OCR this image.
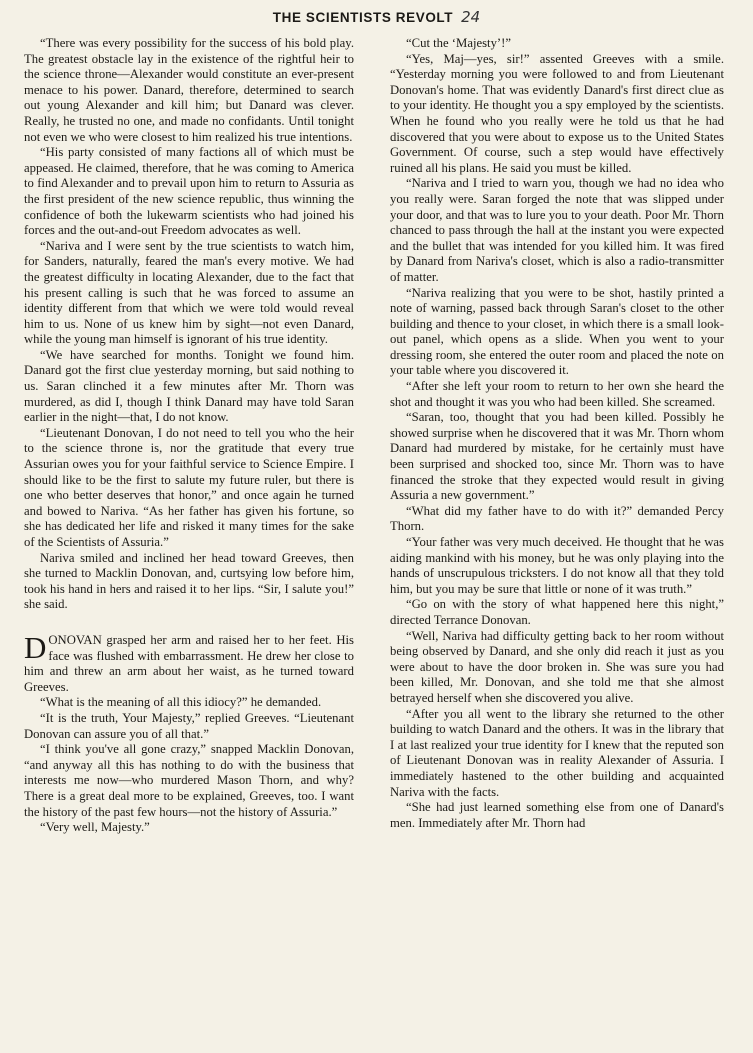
THE SCIENTISTS REVOLT 24

“There was every possibility for the success of his bold play. The greatest obstacle lay in the existence of the rightful heir to the science throne—Alexander would constitute an ever-present menace to his power. Danard, therefore, determined to search out young Alexander and kill him; but Danard was clever. Really, he trusted no one, and made no confidants. Until tonight not even we who were closest to him realized his true intentions.

“His party consisted of many factions all of which must be appeased. He claimed, therefore, that he was coming to America to find Alexander and to prevail upon him to return to Assuria as the first president of the new science republic, thus winning the confidence of both the lukewarm scientists who had joined his forces and the out-and-out Freedom advocates as well.

“Nariva and I were sent by the true scientists to watch him, for Sanders, naturally, feared the man's every motive. We had the greatest difficulty in locating Alexander, due to the fact that his present calling is such that he was forced to assume an identity different from that which we were told would reveal him to us. None of us knew him by sight—not even Danard, while the young man himself is ignorant of his true identity.

“We have searched for months. Tonight we found him. Danard got the first clue yesterday morning, but said nothing to us. Saran clinched it a few minutes after Mr. Thorn was murdered, as did I, though I think Danard may have told Saran earlier in the night—that, I do not know.

“Lieutenant Donovan, I do not need to tell you who the heir to the science throne is, nor the gratitude that every true Assurian owes you for your faithful service to Science Empire. I should like to be the first to salute my future ruler, but there is one who better deserves that honor,” and once again he turned and bowed to Nariva. “As her father has given his fortune, so she has dedicated her life and risked it many times for the sake of the Scientists of Assuria.”

Nariva smiled and inclined her head toward Greeves, then she turned to Macklin Donovan, and, curtsying low before him, took his hand in hers and raised it to her lips. “Sir, I salute you!” she said.

DONOVAN grasped her arm and raised her to her feet. His face was flushed with embarrassment. He drew her close to him and threw an arm about her waist, as he turned toward Greeves.

“What is the meaning of all this idiocy?” he demanded.

“It is the truth, Your Majesty,” replied Greeves. “Lieutenant Donovan can assure you of all that.”

“I think you've all gone crazy,” snapped Macklin Donovan, “and anyway all this has nothing to do with the business that interests me now—who murdered Mason Thorn, and why? There is a great deal more to be explained, Greeves, too. I want the history of the past few hours—not the history of Assuria.”

“Very well, Majesty.”

“Cut the ‘Majesty’!”

“Yes, Maj—yes, sir!” assented Greeves with a smile. “Yesterday morning you were followed to and from Lieutenant Donovan's home. That was evidently Danard's first direct clue as to your identity. He thought you a spy employed by the scientists. When he found who you really were he told us that he had discovered that you were about to expose us to the United States Government. Of course, such a step would have effectively ruined all his plans. He said you must be killed.

“Nariva and I tried to warn you, though we had no idea who you really were. Saran forged the note that was slipped under your door, and that was to lure you to your death. Poor Mr. Thorn chanced to pass through the hall at the instant you were expected and the bullet that was intended for you killed him. It was fired by Danard from Nariva's closet, which is also a radio-transmitter of matter.

“Nariva realizing that you were to be shot, hastily printed a note of warning, passed back through Saran's closet to the other building and thence to your closet, in which there is a small look-out panel, which opens as a slide. When you went to your dressing room, she entered the outer room and placed the note on your table where you discovered it.

“After she left your room to return to her own she heard the shot and thought it was you who had been killed. She screamed.

“Saran, too, thought that you had been killed. Possibly he showed surprise when he discovered that it was Mr. Thorn whom Danard had murdered by mistake, for he certainly must have been surprised and shocked too, since Mr. Thorn was to have financed the stroke that they expected would result in giving Assuria a new government.”

“What did my father have to do with it?” demanded Percy Thorn.

“Your father was very much deceived. He thought that he was aiding mankind with his money, but he was only playing into the hands of unscrupulous tricksters. I do not know all that they told him, but you may be sure that little or none of it was truth.”

“Go on with the story of what happened here this night,” directed Terrance Donovan.

“Well, Nariva had difficulty getting back to her room without being observed by Danard, and she only did reach it just as you were about to have the door broken in. She was sure you had been killed, Mr. Donovan, and she told me that she almost betrayed herself when she discovered you alive.

“After you all went to the library she returned to the other building to watch Danard and the others. It was in the library that I at last realized your true identity for I knew that the reputed son of Lieutenant Donovan was in reality Alexander of Assuria. I immediately hastened to the other building and acquainted Nariva with the facts.

“She had just learned something else from one of Danard's men. Immediately after Mr. Thorn had
